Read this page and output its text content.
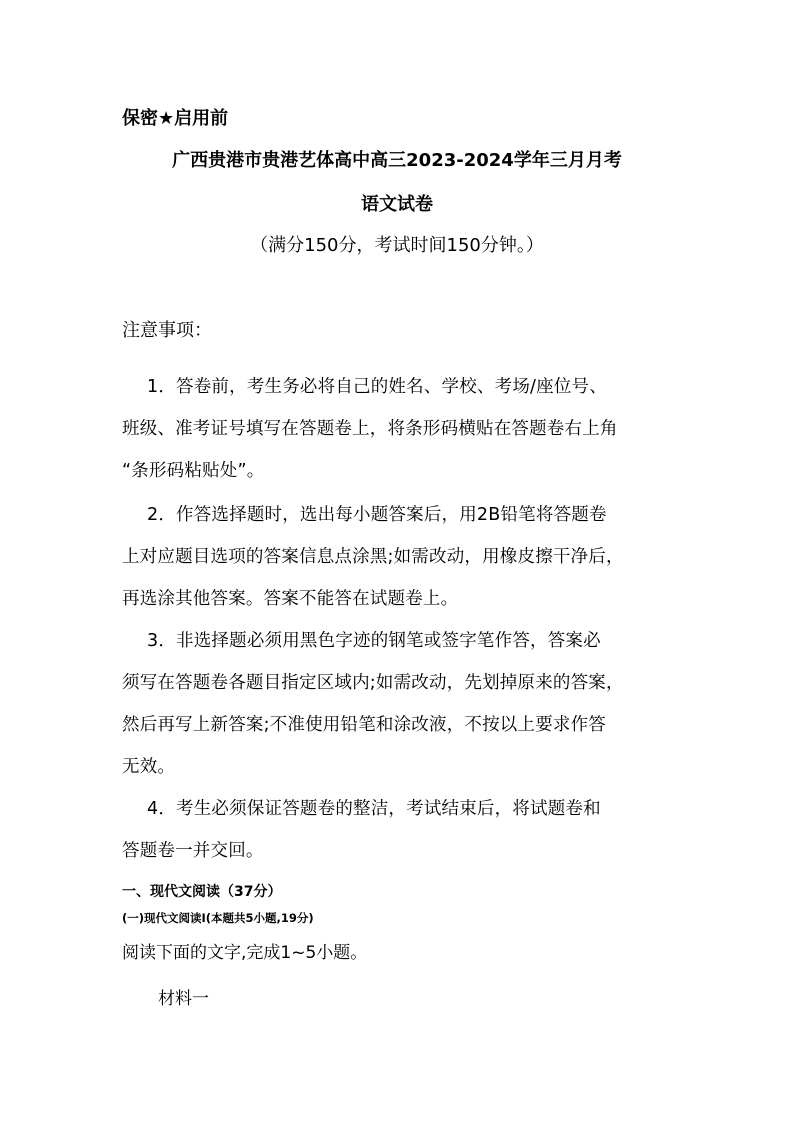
保密★启用前

广西贵港市贵港艺体高中高三2023-2024学年三月月考

语文试卷

（满分150分，考试时间150分钟。）

注意事项：

1．答卷前，考生务必将自己的姓名、学校、考场/座位号、

班级、准考证号填写在答题卷上，将条形码横贴在答题卷右上角

“条形码粘贴处”。

2．作答选择题时，选出每小题答案后，用2B铅笔将答题卷

上对应题目选项的答案信息点涂黑;如需改动，用橡皮擦干净后，

再选涂其他答案。答案不能答在试题卷上。

3．非选择题必须用黑色字迹的钢笔或签字笔作答，答案必

须写在答题卷各题目指定区域内;如需改动，先划掉原来的答案，

然后再写上新答案;不准使用铅笔和涂改液，不按以上要求作答

无效。

4．考生必须保证答题卷的整洁，考试结束后，将试题卷和

答题卷一并交回。

一、现代文阅读（37分）

(一)现代文阅读I(本题共5小题,19分)

阅读下面的文字,完成1~5小题。

材料一
